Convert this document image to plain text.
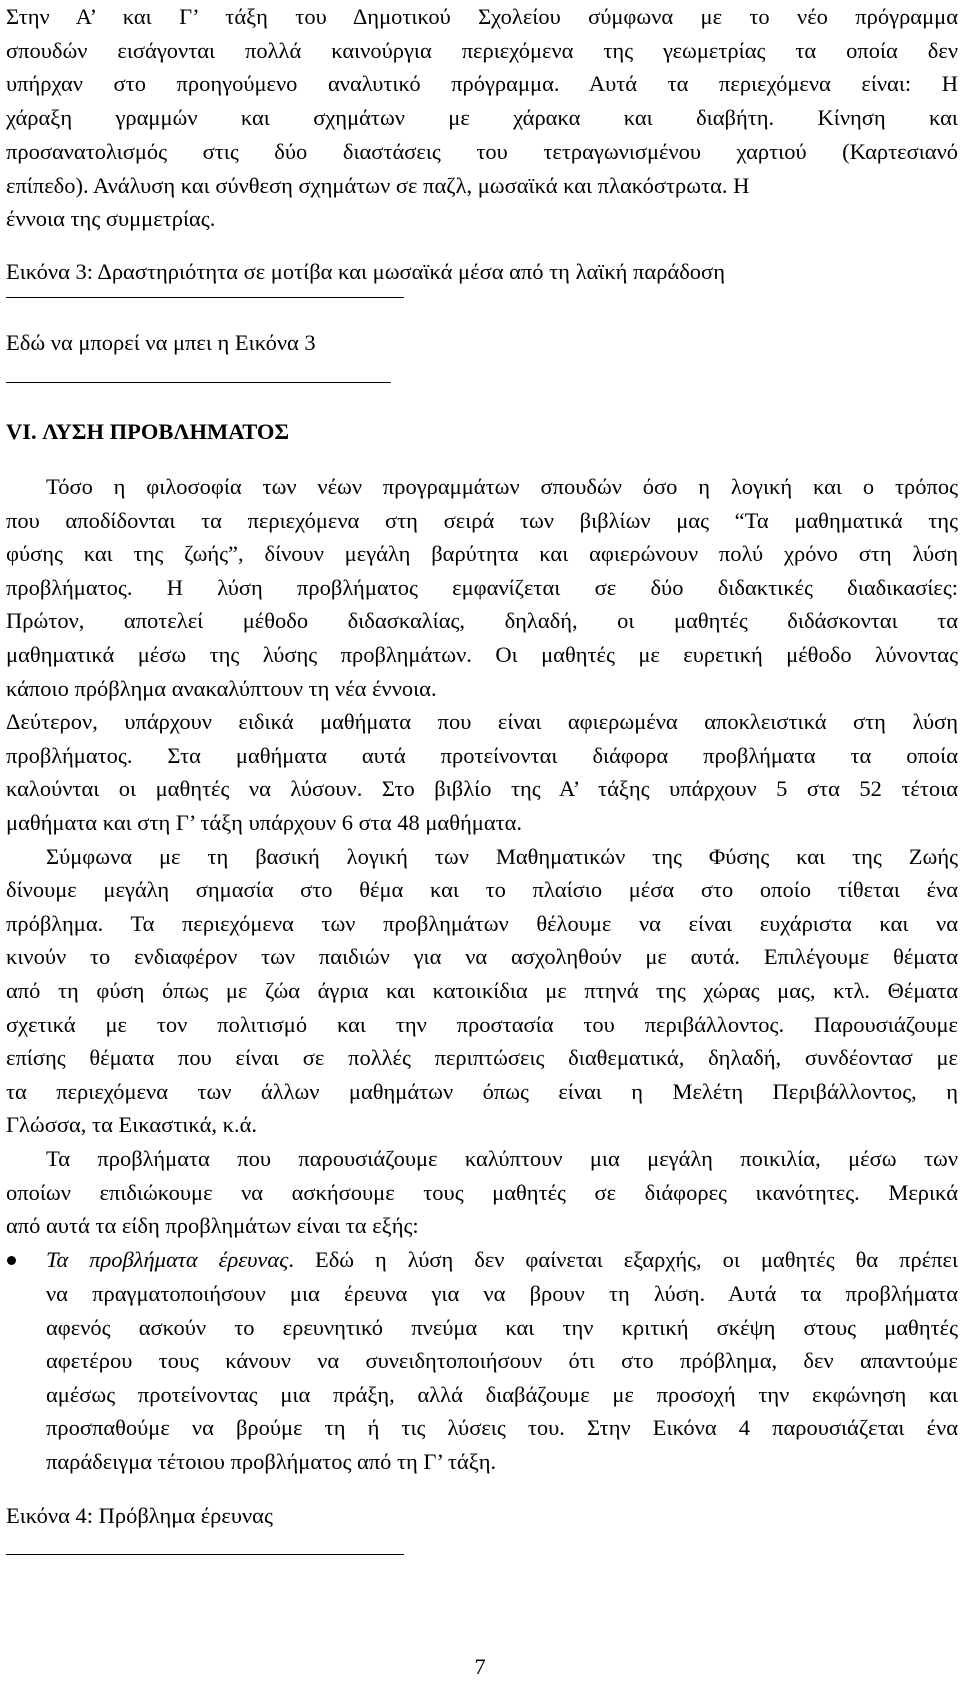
Στην Α’ και Γ’ τάξη του Δημοτικού Σχολείου σύμφωνα με το νέο πρόγραμμα
σπουδών εισάγονται πολλά καινούργια περιεχόμενα της γεωμετρίας τα οποία δεν
υπήρχαν στο προηγούμενο αναλυτικό πρόγραμμα. Αυτά τα περιεχόμενα είναι: Η
χάραξη γραμμών και σχημάτων με χάρακα και διαβήτη. Κίνηση και
προσανατολισμός στις δύο διαστάσεις του τετραγωνισμένου χαρτιού (Καρτεσιανό
επίπεδο). Ανάλυση και σύνθεση σχημάτων σε παζλ, μωσαϊκά και πλακόστρωτα. Η
έννοια της συμμετρίας.
Εικόνα 3: Δραστηριότητα σε μοτίβα και μωσαϊκά μέσα από τη λαϊκή παράδοση
Εδώ να μπορεί να μπει η Εικόνα 3
VI. ΛΥΣΗ ΠΡΟΒΛΗΜΑΤΟΣ
Τόσο η φιλοσοφία των νέων προγραμμάτων σπουδών όσο η λογική και ο τρόπος
που αποδίδονται τα περιεχόμενα στη σειρά των βιβλίων μας “Τα μαθηματικά της
φύσης και της ζωής”, δίνουν μεγάλη βαρύτητα και αφιερώνουν πολύ χρόνο στη λύση
προβλήματος. Η λύση προβλήματος εμφανίζεται σε δύο διδακτικές διαδικασίες:
Πρώτον, αποτελεί μέθοδο διδασκαλίας, δηλαδή, οι μαθητές διδάσκονται τα
μαθηματικά μέσω της λύσης προβλημάτων. Οι μαθητές με ευρετική μέθοδο λύνοντας
κάποιο πρόβλημα ανακαλύπτουν τη νέα έννοια.
Δεύτερον, υπάρχουν ειδικά μαθήματα που είναι αφιερωμένα αποκλειστικά στη λύση
προβλήματος. Στα μαθήματα αυτά προτείνονται διάφορα προβλήματα τα οποία
καλούνται οι μαθητές να λύσουν. Στο βιβλίο της Α’ τάξης υπάρχουν 5 στα 52 τέτοια
μαθήματα και στη Γ’ τάξη υπάρχουν 6 στα 48 μαθήματα.
Σύμφωνα με τη βασική λογική των Μαθηματικών της Φύσης και της Ζωής
δίνουμε μεγάλη σημασία στο θέμα και το πλαίσιο μέσα στο οποίο τίθεται ένα
πρόβλημα. Τα περιεχόμενα των προβλημάτων θέλουμε να είναι ευχάριστα και να
κινούν το ενδιαφέρον των παιδιών για να ασχοληθούν με αυτά. Επιλέγουμε θέματα
από τη φύση όπως με ζώα άγρια και κατοικίδια με πτηνά της χώρας μας, κτλ. Θέματα
σχετικά με τον πολιτισμό και την προστασία του περιβάλλοντος. Παρουσιάζουμε
επίσης θέματα που είναι σε πολλές περιπτώσεις διαθεματικά, δηλαδή, συνδέοντασ με
τα περιεχόμενα των άλλων μαθημάτων όπως είναι η Μελέτη Περιβάλλοντος, η
Γλώσσα, τα Εικαστικά, κ.ά.
Τα προβλήματα που παρουσιάζουμε καλύπτουν μια μεγάλη ποικιλία, μέσω των
οποίων επιδιώκουμε να ασκήσουμε τους μαθητές σε διάφορες ικανότητες. Μερικά
από αυτά τα είδη προβλημάτων είναι τα εξής:
Τα προβλήματα έρευνας. Εδώ η λύση δεν φαίνεται εξαρχής, οι μαθητές θα πρέπει
να πραγματοποιήσουν μια έρευνα για να βρουν τη λύση. Αυτά τα προβλήματα
αφενός ασκούν το ερευνητικό πνεύμα και την κριτική σκέψη στους μαθητές
αφετέρου τους κάνουν να συνειδητοποιήσουν ότι στο πρόβλημα, δεν απαντούμε
αμέσως προτείνοντας μια πράξη, αλλά διαβάζουμε με προσοχή την εκφώνηση και
προσπαθούμε να βρούμε τη ή τις λύσεις του. Στην Εικόνα 4 παρουσιάζεται ένα
παράδειγμα τέτοιου προβλήματος από τη Γ’ τάξη.
Εικόνα 4: Πρόβλημα έρευνας
7
